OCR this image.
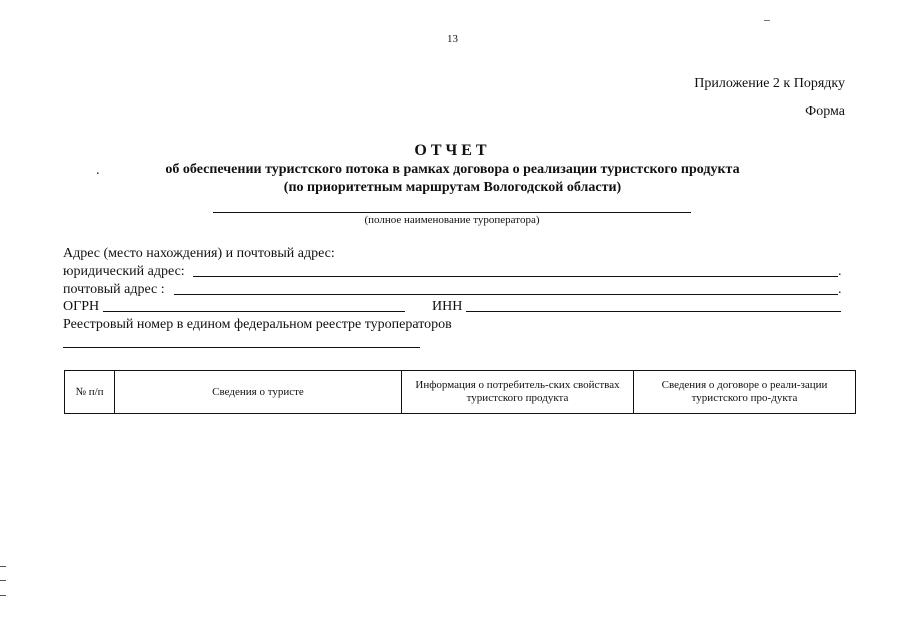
13
Приложение 2 к Порядку
Форма
ОТЧЕТ
.	об обеспечении туристского потока в рамках договора о реализации туристского продукта
(по приоритетным маршрутам Вологодской области)
(полное наименование туроператора)
Адрес (место нахождения) и почтовый адрес:
юридический адрес:	.
почтовый адрес :	.
ОГРН	ИНН
Реестровый номер в едином федеральном реестре туроператоров
№ п/п	Сведения о туристе	Информация о потребитель-ских свойствах туристского продукта	Сведения о договоре о реали-зации туристского про-дукта
